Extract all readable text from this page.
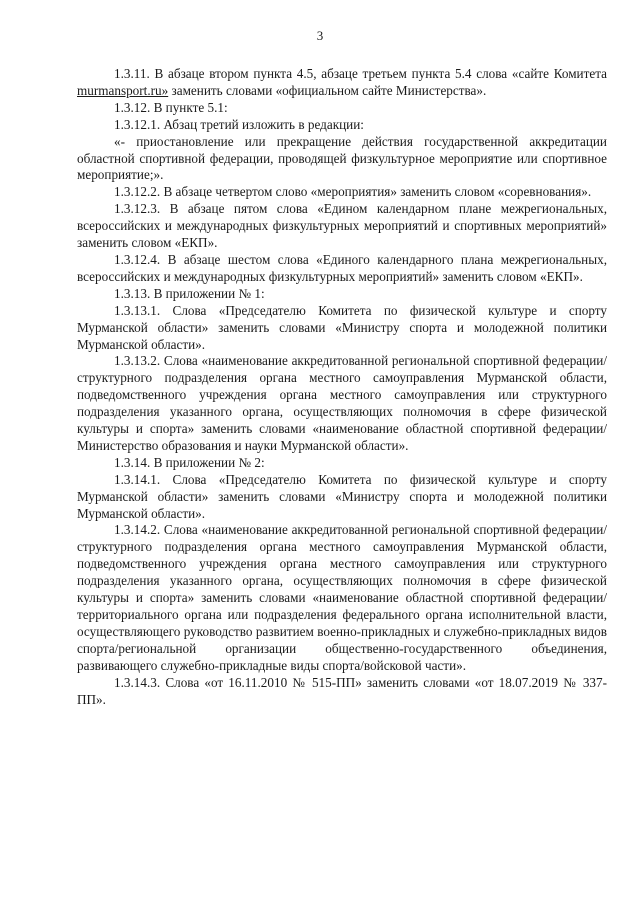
3

1.3.11. В абзаце втором пункта 4.5, абзаце третьем пункта 5.4 слова «сайте Комитета murmansport.ru» заменить словами «официальном сайте Министерства».

1.3.12. В пункте 5.1:

1.3.12.1. Абзац третий изложить в редакции:

«- приостановление или прекращение действия государственной аккредитации областной спортивной федерации, проводящей физкультурное мероприятие или спортивное мероприятие;».

1.3.12.2. В абзаце четвертом слово «мероприятия» заменить словом «соревнования».

1.3.12.3. В абзаце пятом слова «Едином календарном плане межрегиональных, всероссийских и международных физкультурных мероприятий и спортивных мероприятий» заменить словом «ЕКП».

1.3.12.4. В абзаце шестом слова «Единого календарного плана межрегиональных, всероссийских и международных физкультурных мероприятий» заменить словом «ЕКП».

1.3.13. В приложении № 1:

1.3.13.1. Слова «Председателю Комитета по физической культуре и спорту Мурманской области» заменить словами «Министру спорта и молодежной политики Мурманской области».

1.3.13.2. Слова «наименование аккредитованной региональной спортивной федерации/структурного подразделения органа местного самоуправления Мурманской области, подведомственного учреждения органа местного самоуправления или структурного подразделения указанного органа, осуществляющих полномочия в сфере физической культуры и спорта» заменить словами «наименование областной спортивной федерации/Министерство образования и науки Мурманской области».

1.3.14. В приложении № 2:

1.3.14.1. Слова «Председателю Комитета по физической культуре и спорту Мурманской области» заменить словами «Министру спорта и молодежной политики Мурманской области».

1.3.14.2. Слова «наименование аккредитованной региональной спортивной федерации/структурного подразделения органа местного самоуправления Мурманской области, подведомственного учреждения органа местного самоуправления или структурного подразделения указанного органа, осуществляющих полномочия в сфере физической культуры и спорта» заменить словами «наименование областной спортивной федерации/территориального органа или подразделения федерального органа исполнительной власти, осуществляющего руководство развитием военно-прикладных и служебно-прикладных видов спорта/региональной организации общественно-государственного объединения, развивающего служебно-прикладные виды спорта/войсковой части».

1.3.14.3. Слова «от 16.11.2010 № 515-ПП» заменить словами «от 18.07.2019 № 337-ПП».
